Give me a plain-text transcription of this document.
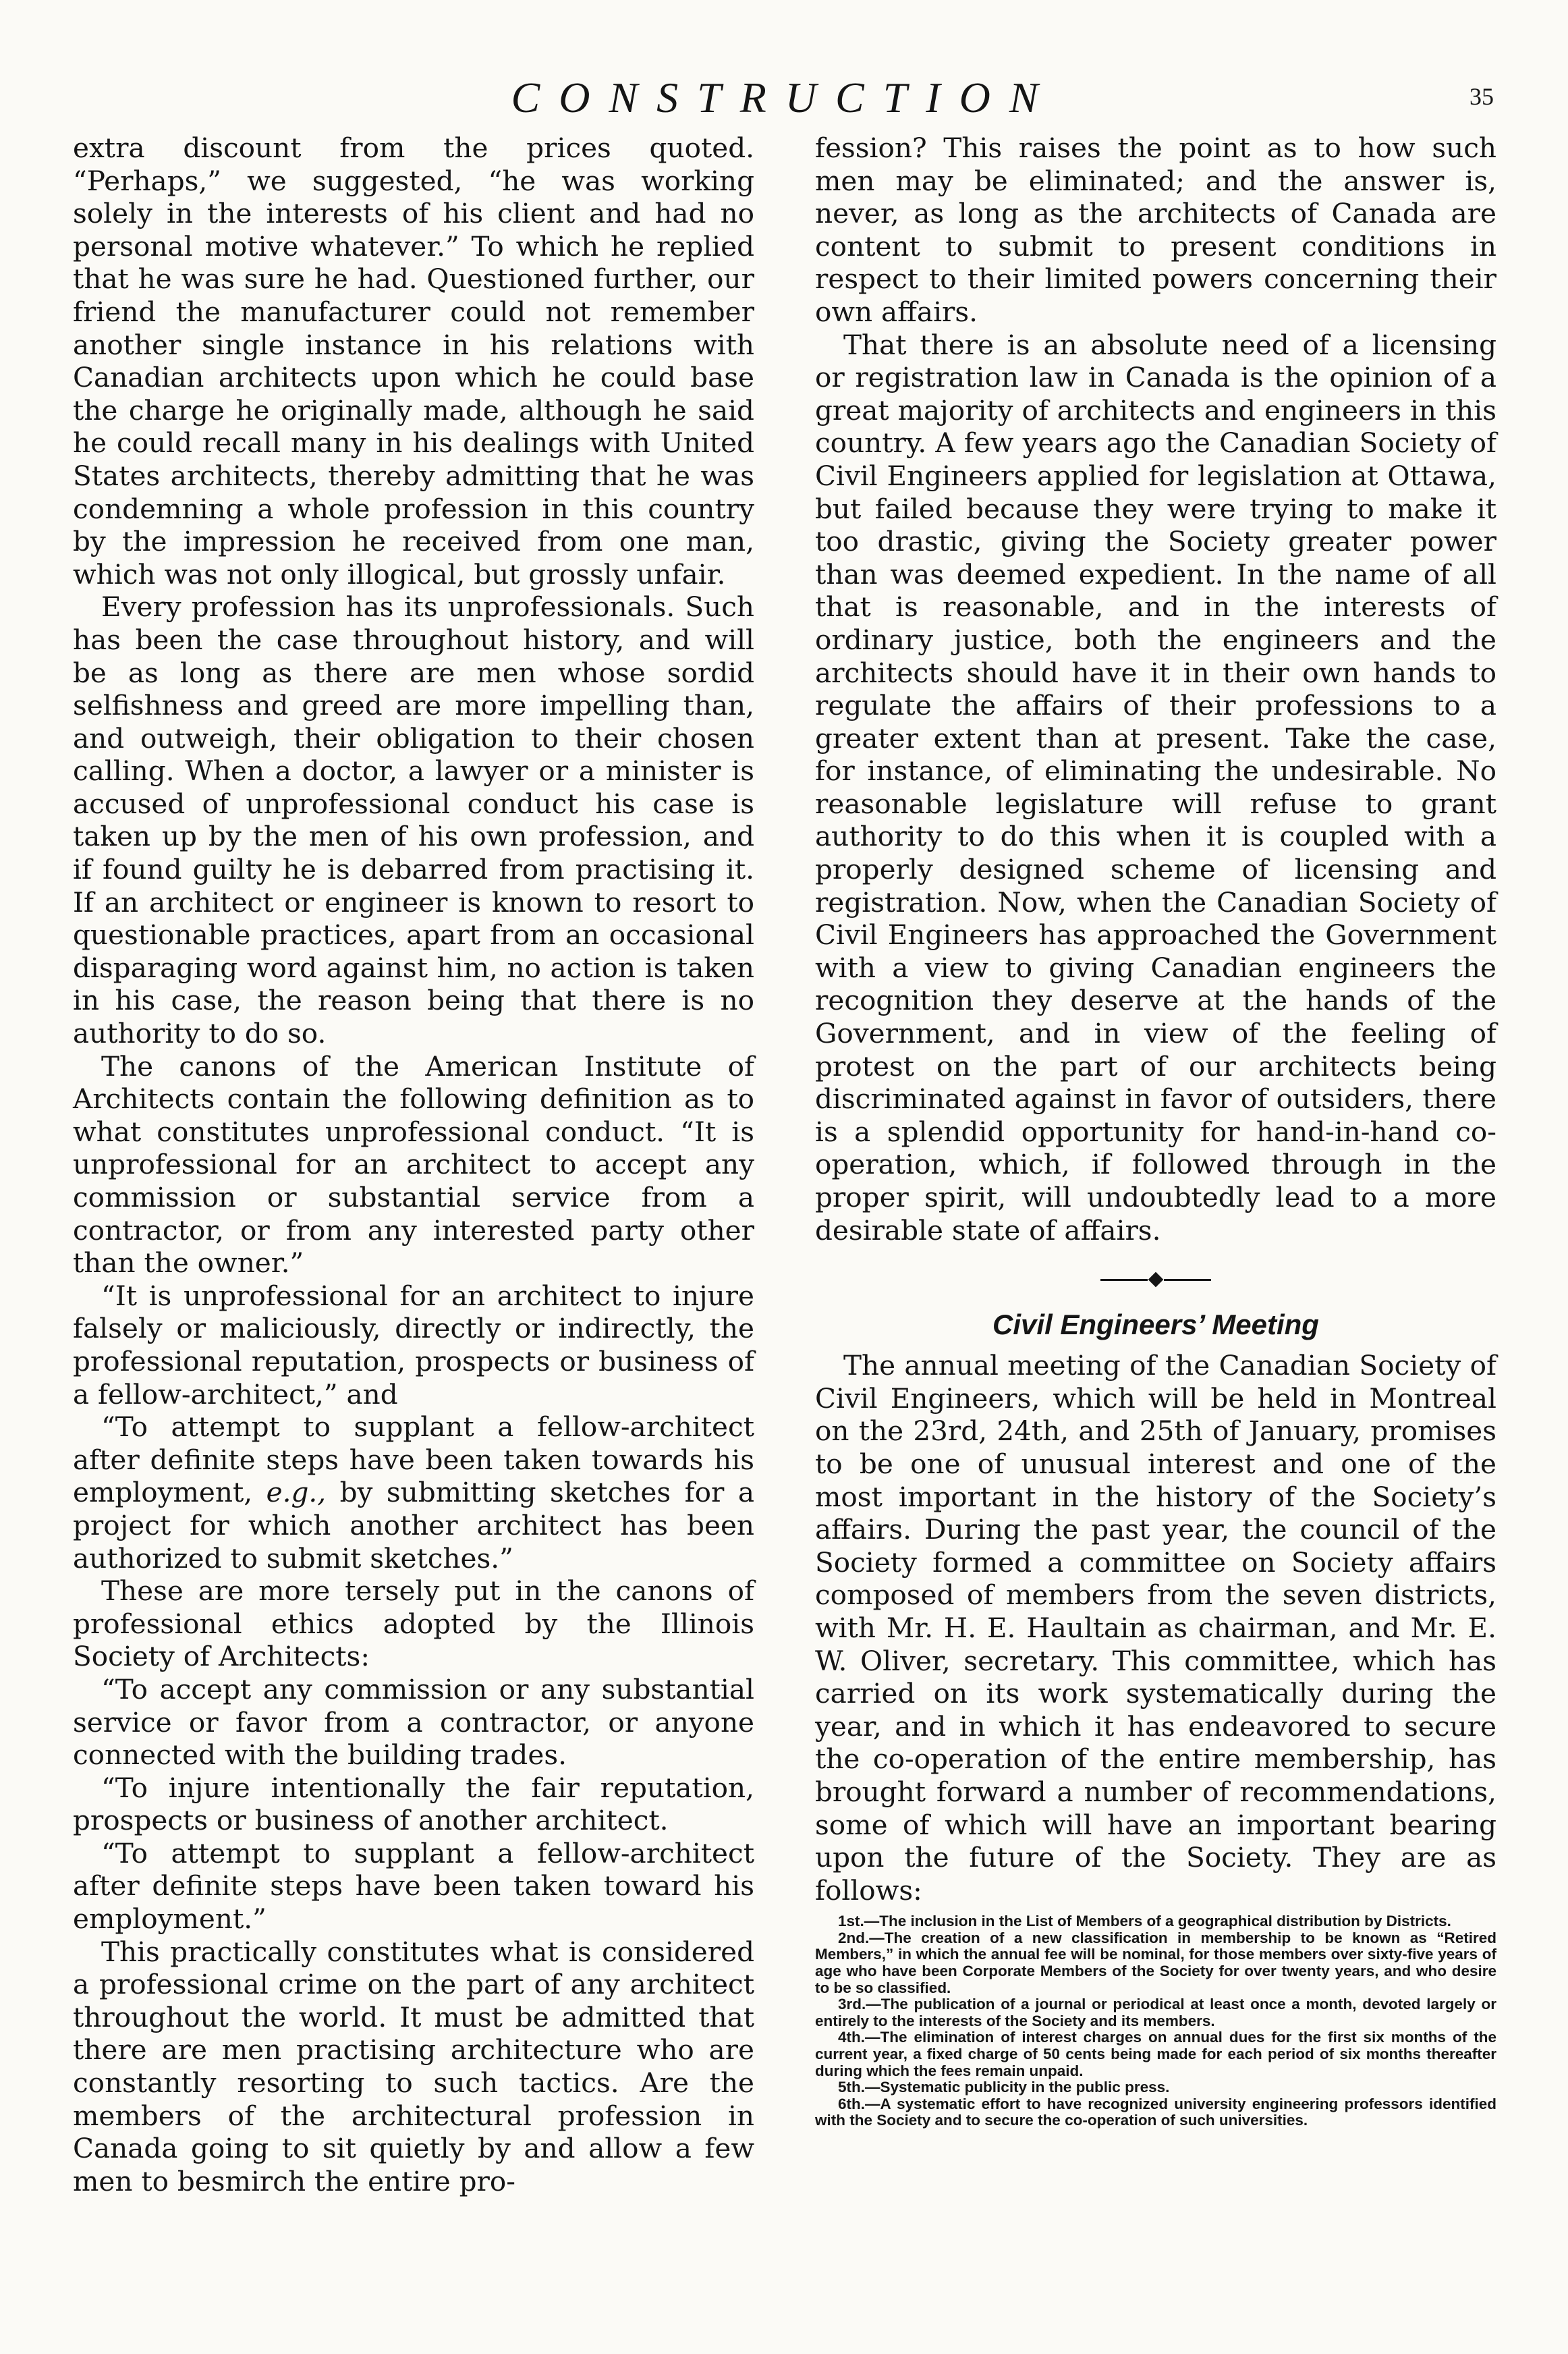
CONSTRUCTION	35

extra discount from the prices quoted. “Perhaps,” we suggested, “he was working solely in the interests of his client and had no personal motive whatever.” To which he replied that he was sure he had. Questioned further, our friend the manufacturer could not remember another single instance in his relations with Canadian architects upon which he could base the charge he originally made, although he said he could recall many in his dealings with United States architects, thereby admitting that he was condemning a whole profession in this country by the impression he received from one man, which was not only illogical, but grossly unfair.

Every profession has its unprofessionals. Such has been the case throughout history, and will be as long as there are men whose sordid selfishness and greed are more impelling than, and outweigh, their obligation to their chosen calling. When a doctor, a lawyer or a minister is accused of unprofessional conduct his case is taken up by the men of his own profession, and if found guilty he is debarred from practising it. If an architect or engineer is known to resort to questionable practices, apart from an occasional disparaging word against him, no action is taken in his case, the reason being that there is no authority to do so.

The canons of the American Institute of Architects contain the following definition as to what constitutes unprofessional conduct. “It is unprofessional for an architect to accept any commission or substantial service from a contractor, or from any interested party other than the owner.”

“It is unprofessional for an architect to injure falsely or maliciously, directly or indirectly, the professional reputation, prospects or business of a fellow-architect,” and

“To attempt to supplant a fellow-architect after definite steps have been taken towards his employment, e.g., by submitting sketches for a project for which another architect has been authorized to submit sketches.”

These are more tersely put in the canons of professional ethics adopted by the Illinois Society of Architects:

“To accept any commission or any substantial service or favor from a contractor, or anyone connected with the building trades.

“To injure intentionally the fair reputation, prospects or business of another architect.

“To attempt to supplant a fellow-architect after definite steps have been taken toward his employment.”

This practically constitutes what is considered a professional crime on the part of any architect throughout the world. It must be admitted that there are men practising architecture who are constantly resorting to such tactics. Are the members of the architectural profession in Canada going to sit quietly by and allow a few men to besmirch the entire pro-

fession? This raises the point as to how such men may be eliminated; and the answer is, never, as long as the architects of Canada are content to submit to present conditions in respect to their limited powers concerning their own affairs.

That there is an absolute need of a licensing or registration law in Canada is the opinion of a great majority of architects and engineers in this country. A few years ago the Canadian Society of Civil Engineers applied for legislation at Ottawa, but failed because they were trying to make it too drastic, giving the Society greater power than was deemed expedient. In the name of all that is reasonable, and in the interests of ordinary justice, both the engineers and the architects should have it in their own hands to regulate the affairs of their professions to a greater extent than at present. Take the case, for instance, of eliminating the undesirable. No reasonable legislature will refuse to grant authority to do this when it is coupled with a properly designed scheme of licensing and registration. Now, when the Canadian Society of Civil Engineers has approached the Government with a view to giving Canadian engineers the recognition they deserve at the hands of the Government, and in view of the feeling of protest on the part of our architects being discriminated against in favor of outsiders, there is a splendid opportunity for hand-in-hand co-operation, which, if followed through in the proper spirit, will undoubtedly lead to a more desirable state of affairs.

Civil Engineers’ Meeting

The annual meeting of the Canadian Society of Civil Engineers, which will be held in Montreal on the 23rd, 24th, and 25th of January, promises to be one of unusual interest and one of the most important in the history of the Society’s affairs. During the past year, the council of the Society formed a committee on Society affairs composed of members from the seven districts, with Mr. H. E. Haultain as chairman, and Mr. E. W. Oliver, secretary. This committee, which has carried on its work systematically during the year, and in which it has endeavored to secure the co-operation of the entire membership, has brought forward a number of recommendations, some of which will have an important bearing upon the future of the Society. They are as follows:

1st.—The inclusion in the List of Members of a geographical distribution by Districts.
2nd.—The creation of a new classification in membership to be known as “Retired Members,” in which the annual fee will be nominal, for those members over sixty-five years of age who have been Corporate Members of the Society for over twenty years, and who desire to be so classified.
3rd.—The publication of a journal or periodical at least once a month, devoted largely or entirely to the interests of the Society and its members.
4th.—The elimination of interest charges on annual dues for the first six months of the current year, a fixed charge of 50 cents being made for each period of six months thereafter during which the fees remain unpaid.
5th.—Systematic publicity in the public press.
6th.—A systematic effort to have recognized university engineering professors identified with the Society and to secure the co-operation of such universities.
